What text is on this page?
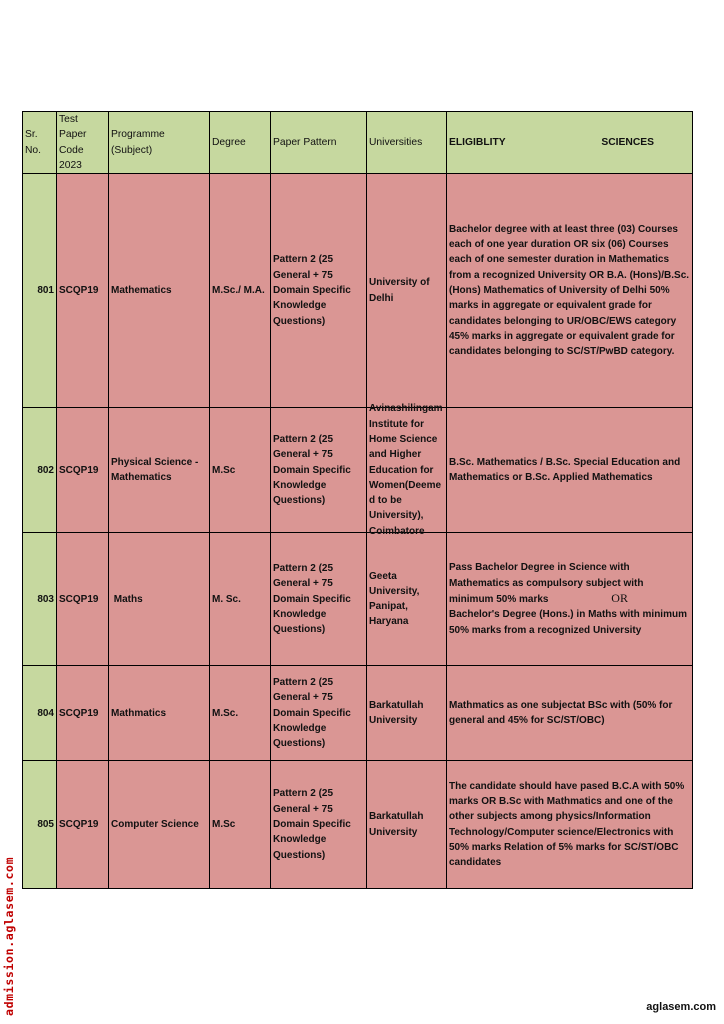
Sr. No.	Test Paper Code 2023	Programme (Subject)	Degree	Paper Pattern	Universities	ELIGIBLITY SCIENCES

801	SCQP19	Mathematics	M.Sc./ M.A.	Pattern 2 (25 General + 75 Domain Specific Knowledge Questions)	University of Delhi	Bachelor degree with at least three (03) Courses each of one year duration OR six (06) Courses each of one semester duration in Mathematics from a recognized University OR B.A. (Hons)/B.Sc. (Hons) Mathematics of University of Delhi 50% marks in aggregate or equivalent grade for candidates belonging to UR/OBC/EWS category 45% marks in aggregate or equivalent grade for candidates belonging to SC/ST/PwBD category.
802	SCQP19	Physical Science - Mathematics	M.Sc	Pattern 2 (25 General + 75 Domain Specific Knowledge Questions)	Avinashilingam Institute for Home Science and Higher Education for Women(Deemed to be University), Coimbatore	B.Sc. Mathematics / B.Sc. Special Education and Mathematics or B.Sc. Applied Mathematics
803	SCQP19	Maths	M. Sc.	Pattern 2 (25 General + 75 Domain Specific Knowledge Questions)	Geeta University, Panipat, Haryana	Pass Bachelor Degree in Science with Mathematics as compulsory subject with minimum 50% marks OR
Bachelor's Degree (Hons.) in Maths with minimum 50% marks from a recognized University
804	SCQP19	Mathmatics	M.Sc.	Pattern 2 (25 General + 75 Domain Specific Knowledge Questions)	Barkatullah University	Mathmatics as one subjectat BSc with (50% for general and 45% for SC/ST/OBC)
805	SCQP19	Computer Science	M.Sc	Pattern 2 (25 General + 75 Domain Specific Knowledge Questions)	Barkatullah University	The candidate should have pased B.C.A with 50% marks OR B.Sc with Mathmatics and one of the other subjects among physics/Information Technology/Computer science/Electronics with 50% marks Relation of 5% marks for SC/ST/OBC candidates
admission.aglasem.com	aglasem.com
